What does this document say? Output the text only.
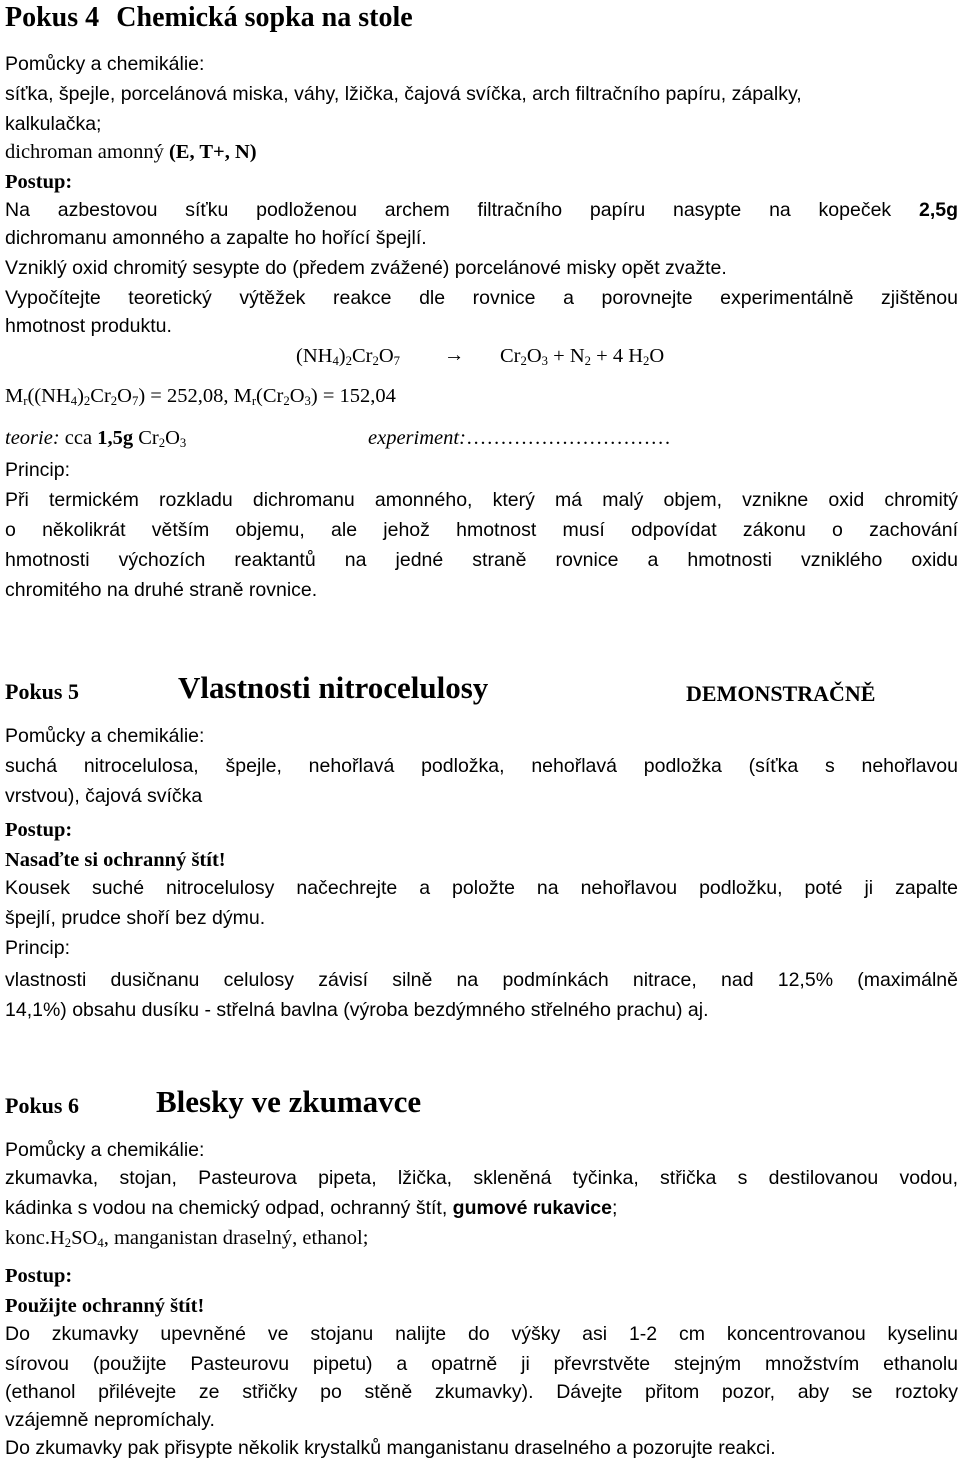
Pokus 4 Chemická sopka na stole
Pomůcky a chemikálie:
síťka, špejle, porcelánová miska, váhy, lžička, čajová svíčka, arch filtračního papíru, zápalky,
kalkulačka;
dichroman amonný (E, T+, N)
Postup:
Na azbestovou síťku podloženou archem filtračního papíru nasypte na kopeček 2,5g
dichromanu amonného a zapalte ho hořící špejlí.
Vzniklý oxid chromitý sesypte do (předem zvážené) porcelánové misky opět zvažte.
Vypočítejte teoretický výtěžek reakce dle rovnice a porovnejte experimentálně zjištěnou
hmotnost produktu.
$(NH_4)_2Cr_2O_7 \to Cr_2O_3 + N_2 + 4$ $H_2O$
$M_r((NH_4)_2Cr_2O_7) = 252,08$, $M_r(Cr_2O_3) = 152,04$
teorie: cca 1,5g $Cr_2O_3$	experiment:…………………………
Princip:
Při termickém rozkladu dichromanu amonného, který má malý objem, vznikne oxid chromitý
o několikrát větším objemu, ale jehož hmotnost musí odpovídat zákonu o zachování
hmotnosti výchozích reaktantů na jedné straně rovnice a hmotnosti vzniklého oxidu
chromitého na druhé straně rovnice.
Pokus 5	Vlastnosti nitrocelulosy	DEMONSTRAČNĚ
Pomůcky a chemikálie:
suchá nitrocelulosa, špejle, nehořlavá podložka, nehořlavá podložka (síťka s nehořlavou
vrstvou), čajová svíčka
Postup:
Nasaďte si ochranný štít!
Kousek suché nitrocelulosy načechrejte a položte na nehořlavou podložku, poté ji zapalte
špejlí, prudce shoří bez dýmu.
Princip:
vlastnosti dusičnanu celulosy závisí silně na podmínkách nitrace, nad 12,5% (maximálně
14,1%) obsahu dusíku - střelná bavlna (výroba bezdýmného střelného prachu) aj.
Pokus 6 Blesky ve zkumavce
Pomůcky a chemikálie:
zkumavka, stojan, Pasteurova pipeta, lžička, skleněná tyčinka, střička s destilovanou vodou,
kádinka s vodou na chemický odpad, ochranný štít, gumové rukavice;
$konc.H_2SO_4$, manganistan draselný, ethanol;
Postup:
Použijte ochranný štít!
Do zkumavky upevněné ve stojanu nalijte do výšky asi 1-2 cm koncentrovanou kyselinu
sírovou (použijte Pasteurovu pipetu) a opatrně ji převrstvěte stejným množstvím ethanolu
(ethanol přilévejte ze střičky po stěně zkumavky). Dávejte přitom pozor, aby se roztoky
vzájemně nepromíchaly.
Do zkumavky pak přisypte několik krystalků manganistanu draselného a pozorujte reakci.
